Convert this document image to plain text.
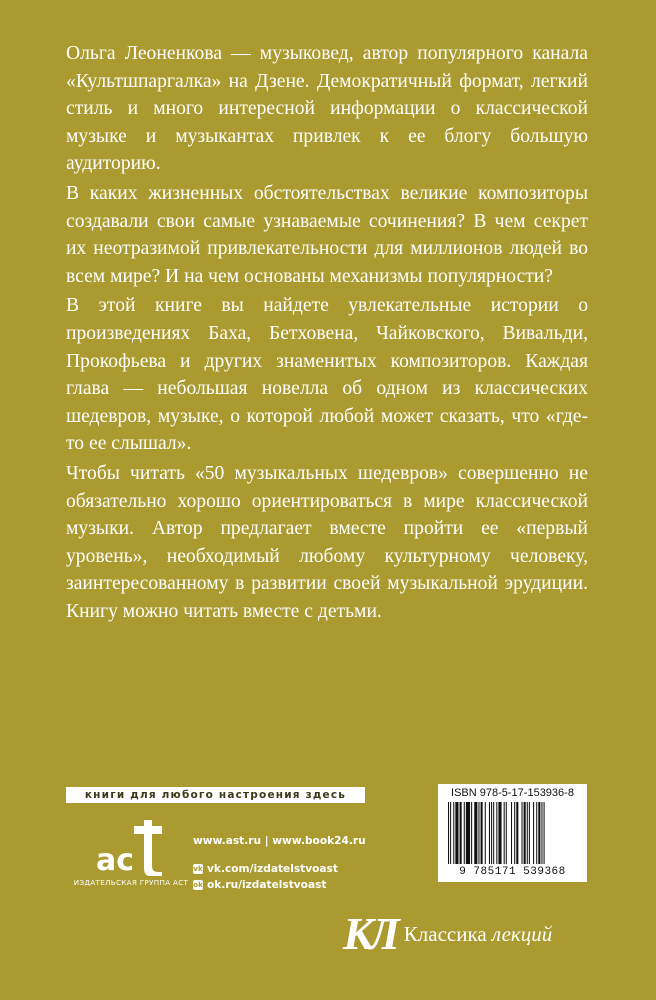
Ольга Леоненкова — музыковед, автор популярного канала «Культшпаргалка» на Дзене. Демократичный формат, легкий стиль и много интересной информации о классической музыке и музыкантах привлек к ее блогу большую аудиторию.

В каких жизненных обстоятельствах великие композиторы создавали свои самые узнаваемые сочинения? В чем секрет их неотразимой привлекательности для миллионов людей во всем мире? И на чем основаны механизмы популярности?

В этой книге вы найдете увлекательные истории о произведениях Баха, Бетховена, Чайковского, Вивальди, Прокофьева и других знаменитых композиторов. Каждая глава — небольшая новелла об одном из классических шедевров, музыке, о которой любой может сказать, что «где-то ее слышал».

Чтобы читать «50 музыкальных шедевров» совершенно не обязательно хорошо ориентироваться в мире классической музыки. Автор предлагает вместе пройти ее «первый уровень», необходимый любому культурному человеку, заинтересованному в развитии своей музыкальной эрудиции. Книгу можно читать вместе с детьми.

книги для любого настроения здесь
ас
ИЗДАТЕЛЬСКАЯ ГРУППА АСТ
www.ast.ru | www.book24.ru
vk vk.com/izdatelstvoast
ok ok.ru/izdatelstvoast
ISBN 978-5-17-153936-8
9 785171 539368
КЛ Классика лекций
